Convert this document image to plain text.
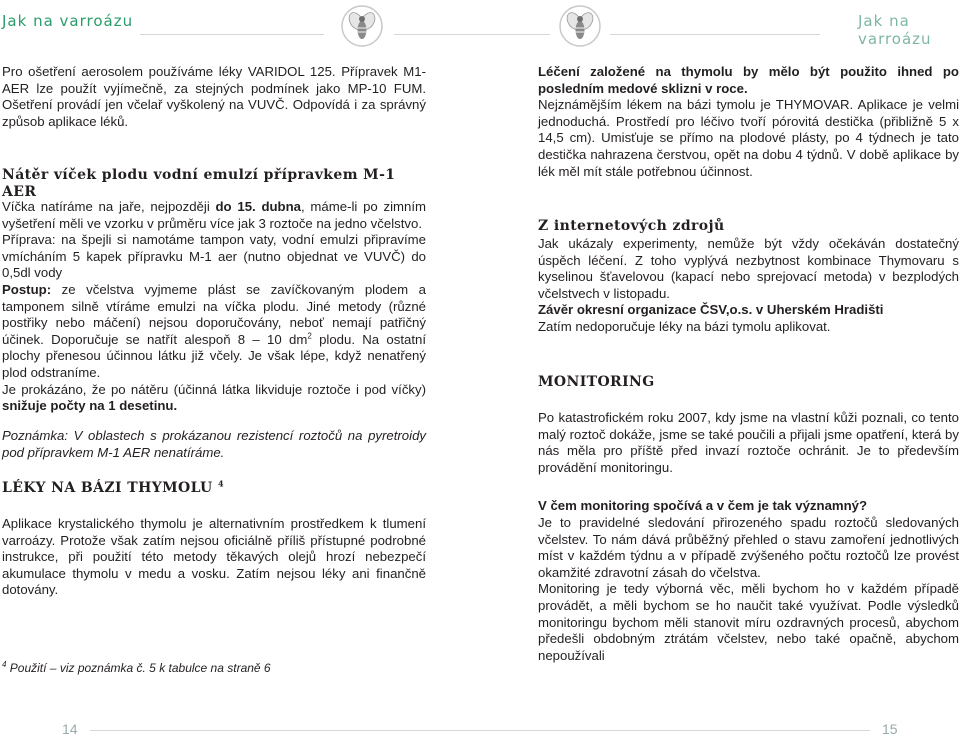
Jak na varroázu

Pro ošetření aerosolem používáme léky VARIDOL 125. Přípravek M1-AER lze použít vyjímečně, za stejných podmínek jako MP-10 FUM. Ošetření provádí jen včelař vyškolený na VUVČ. Odpovídá i za správný způsob aplikace léků.

Nátěr víček plodu vodní emulzí přípravkem M-1 AER

Víčka natíráme na jaře, nejpozději do 15. dubna, máme-li po zimním vyšetření měli ve vzorku v průměru více jak 3 roztoče na jedno včelstvo.

Příprava: na špejli si namotáme tampon vaty, vodní emulzi připravíme vmícháním 5 kapek přípravku M-1 aer (nutno objednat ve VUVČ) do 0,5dl vody

Postup: ze včelstva vyjmeme plást se zavíčkovaným plodem a tamponem silně vtíráme emulzi na víčka plodu. Jiné metody (různé postřiky nebo máčení) nejsou doporučovány, neboť nemají patřičný účinek. Doporučuje se natřít alespoň 8 – 10 $dm^2$ plodu. Na ostatní plochy přenesou účinnou látku již včely. Je však lépe, když nenatřený plod odstraníme.

Je prokázáno, že po nátěru (účinná látka likviduje roztoče i pod víčky) snižuje počty na 1 desetinu.

Poznámka: V oblastech s prokázanou rezistencí roztočů na pyretroidy pod přípravkem M-1 AER nenatíráme.

LÉKY NA BÁZI THYMOLU $^4$

Aplikace krystalického thymolu je alternativním prostředkem k tlumení varroázy. Protože však zatím nejsou oficiálně příliš přístupné podrobné instrukce, při použití této metody těkavých olejů hrozí nebezpečí akumulace thymolu v medu a vosku. Zatím nejsou léky ani finančně dotovány.

$^4$ Použití – viz poznámka č. 5 k tabulce na straně 6
14
Jak na varroázu

Léčení založené na thymolu by mělo být použito ihned po posledním medové sklizni v roce.

Nejznámějším lékem na bázi tymolu je THYMOVAR. Aplikace je velmi jednoduchá. Prostředí pro léčivo tvoří pórovitá destička (přibližně 5 x 14,5 cm). Umisťuje se přímo na plodové plásty, po 4 týdnech je tato destička nahrazena čerstvou, opět na dobu 4 týdnů. V době aplikace by lék měl mít stále potřebnou účinnost.

Z internetových zdrojů

Jak ukázaly experimenty, nemůže být vždy očekáván dostatečný úspěch léčení. Z toho vyplývá nezbytnost kombinace Thymovaru s kyselinou šťavelovou (kapací nebo sprejovací metoda) v bezplodých včelstvech v listopadu.

Závěr okresní organizace ČSV,o.s. v Uherském Hradišti

Zatím nedoporučuje léky na bázi tymolu aplikovat.

MONITORING

Po katastrofickém roku 2007, kdy jsme na vlastní kůži poznali, co tento malý roztoč dokáže, jsme se také poučili a přijali jsme opatření, která by nás měla pro příště před invazí roztoče ochránit. Je to především provádění monitoringu.

V čem monitoring spočívá a v čem je tak významný?

Je to pravidelné sledování přirozeného spadu roztočů sledovaných včelstev. To nám dává průběžný přehled o stavu zamoření jednotlivých míst v každém týdnu a v případě zvýšeného počtu roztočů lze provést okamžité zdravotní zásah do včelstva.

Monitoring je tedy výborná věc, měli bychom ho v každém případě provádět, a měli bychom se ho naučit také využívat. Podle výsledků monitoringu bychom měli stanovit míru ozdravných procesů, abychom předešli obdobným ztrátám včelstev, nebo také opačně, abychom nepoužívali

15
